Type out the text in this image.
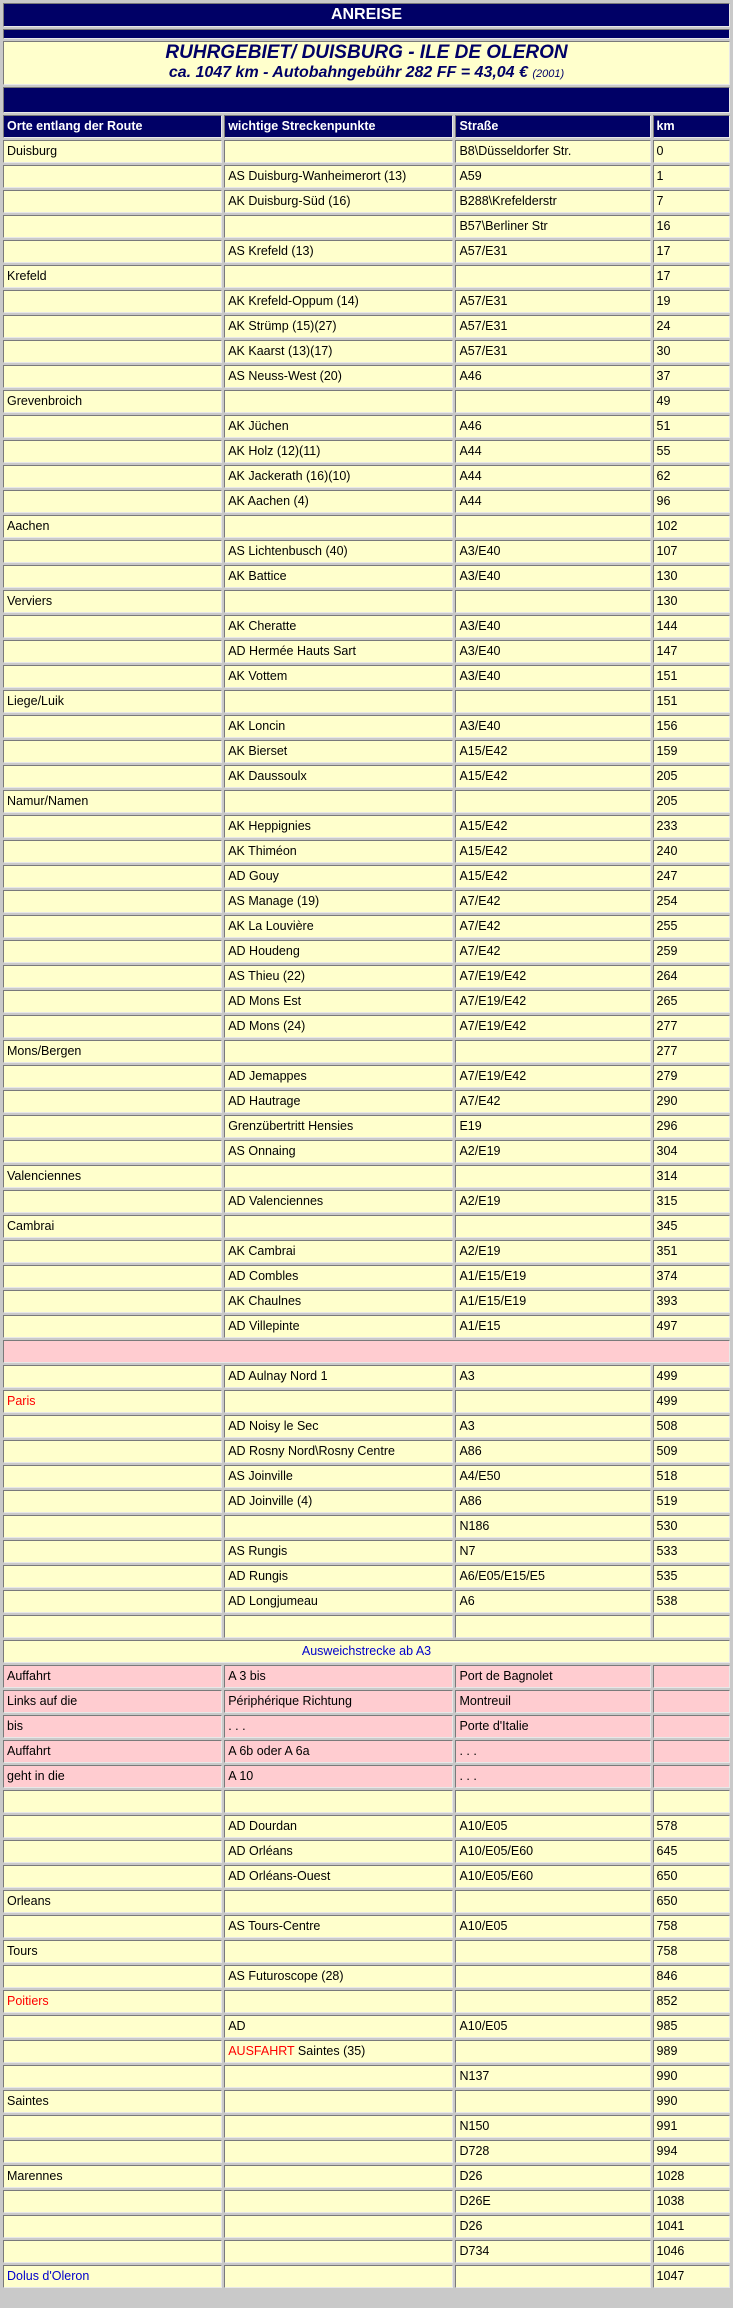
ANREISE			

RUHRGEBIET/ DUISBURG - ILE DE OLERON
ca. 1047 km - Autobahngebühr 282 FF = 43,04 € (2001)			

Orte entlang der Route	wichtige Streckenpunkte	Straße	km
Duisburg		B8\Düsseldorfer Str.	0
	AS Duisburg-Wanheimerort (13)	A59	1
	AK Duisburg-Süd (16)	B288\Krefelderstr	7
		B57\Berliner Str	16
	AS Krefeld (13)	A57/E31	17
Krefeld			17
	AK Krefeld-Oppum (14)	A57/E31	19
	AK Strümp (15)(27)	A57/E31	24
	AK Kaarst (13)(17)	A57/E31	30
	AS Neuss-West (20)	A46	37
Grevenbroich			49
	AK Jüchen	A46	51
	AK Holz (12)(11)	A44	55
	AK Jackerath (16)(10)	A44	62
	AK Aachen (4)	A44	96
Aachen			102
	AS Lichtenbusch (40)	A3/E40	107
	AK Battice	A3/E40	130
Verviers			130
	AK Cheratte	A3/E40	144
	AD Hermée Hauts Sart	A3/E40	147
	AK Vottem	A3/E40	151
Liege/Luik			151
	AK Loncin	A3/E40	156
	AK Bierset	A15/E42	159
	AK Daussoulx	A15/E42	205
Namur/Namen			205
	AK Heppignies	A15/E42	233
	AK Thiméon	A15/E42	240
	AD Gouy	A15/E42	247
	AS Manage (19)	A7/E42	254
	AK La Louvière	A7/E42	255
	AD Houdeng	A7/E42	259
	AS Thieu (22)	A7/E19/E42	264
	AD Mons Est	A7/E19/E42	265
	AD Mons (24)	A7/E19/E42	277
Mons/Bergen			277
	AD Jemappes	A7/E19/E42	279
	AD Hautrage	A7/E42	290
	Grenzübertritt Hensies	E19	296
	AS Onnaing	A2/E19	304
Valenciennes			314
	AD Valenciennes	A2/E19	315
Cambrai			345
	AK Cambrai	A2/E19	351
	AD Combles	A1/E15/E19	374
	AK Chaulnes	A1/E15/E19	393
	AD Villepinte	A1/E15	497

	AD Aulnay Nord 1	A3	499
Paris			499
	AD Noisy le Sec	A3	508
	AD Rosny Nord\Rosny Centre	A86	509
	AS Joinville	A4/E50	518
	AD Joinville (4)	A86	519
		N186	530
	AS Rungis	N7	533
	AD Rungis	A6/E05/E15/E5	535
	AD Longjumeau	A6	538

Ausweichstrecke ab A3			
Auffahrt	A 3 bis	Port de Bagnolet	
Links auf die	Périphérique Richtung	Montreuil	
bis	. . .	Porte d'Italie	
Auffahrt	A 6b oder A 6a	. . .	
geht in die	A 10	. . .	

	AD Dourdan	A10/E05	578
	AD Orléans	A10/E05/E60	645
	AD Orléans-Ouest	A10/E05/E60	650
Orleans			650
	AS Tours-Centre	A10/E05	758
Tours			758
	AS Futuroscope (28)		846
Poitiers			852
	AD	A10/E05	985
	AUSFAHRT Saintes (35)		989
		N137	990
Saintes			990
		N150	991
		D728	994
Marennes		D26	1028
		D26E	1038
		D26	1041
		D734	1046
Dolus d'Oleron			1047
